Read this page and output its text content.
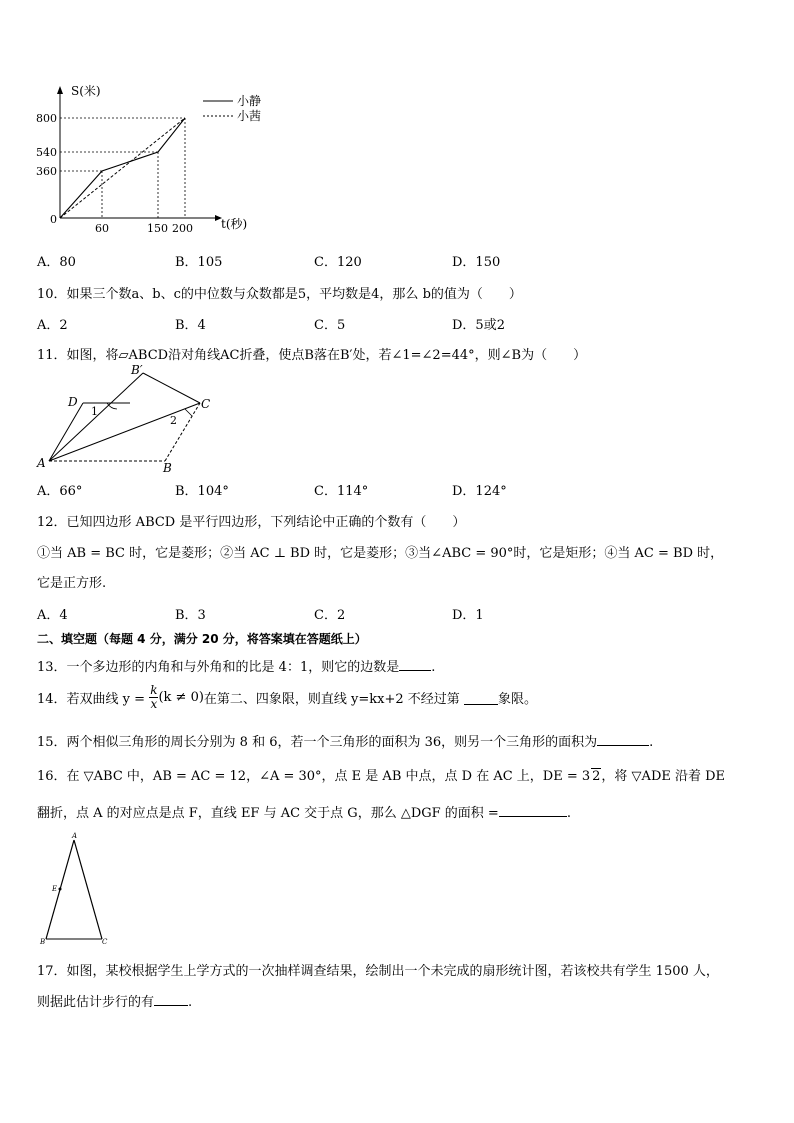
小静
小茜
S(米)
t(秒)
0
800
540
360
60	150 200
A．80	B．105	C．120	D．150
10．如果三个数a、b、c的中位数与众数都是5，平均数是4，那么 b的值为（　　）
A．2	B．4	C．5	D．5或2
11．如图，将▱ABCD沿对角线AC折叠，使点B落在B′处，若∠1=∠2=44°，则∠B为（　　）
A	B
C
D
B′
1
2
A．66°	B．104°	C．114°	D．124°
12．已知四边形 ABCD 是平行四边形，下列结论中正确的个数有（　　）
①当 AB = BC 时，它是菱形；②当 AC ⊥ BD 时，它是菱形；③当∠ABC = 90°时，它是矩形；④当 AC = BD 时，
它是正方形.
A．4	B．3	C．2	D．1
二、填空题（每题 4 分，满分 20 分，将答案填在答题纸上）
13．一个多边形的内角和与外角和的比是 4：1，则它的边数是 .
14．若双曲线 $y = \frac{k}{x} (k \ne 0)$在第二、四象限，则直线 y=kx+2 不经过第	象限。
15．两个相似三角形的周长分别为 8 和 6，若一个三角形的面积为 36，则另一个三角形的面积为	.
16．在 ▽ABC 中，AB = AC = 12，∠A = 30°，点 E 是 AB 中点，点 D 在 AC 上，DE = 3 2，将 ▽ADE 沿着 DE
翻折，点 A 的对应点是点 F，直线 EF 与 AC 交于点 G，那么 △DGF 的面积 =	.
A
E
B	C
17．如图，某校根据学生上学方式的一次抽样调查结果，绘制出一个未完成的扇形统计图，若该校共有学生 1500 人，
则据此估计步行的有	.
